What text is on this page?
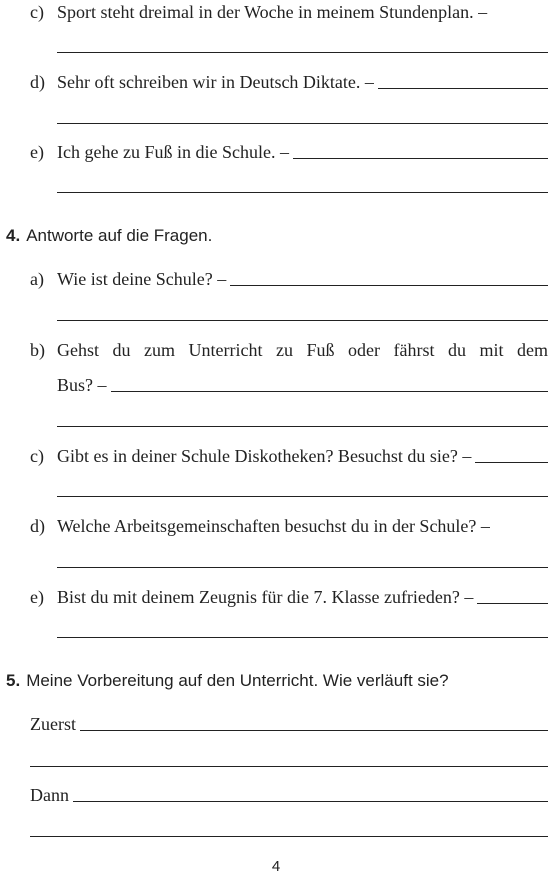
c) Sport steht dreimal in der Woche in meinem Stundenplan. –
d) Sehr oft schreiben wir in Deutsch Diktate. –
e) Ich gehe zu Fuß in die Schule. –
4. Antworte auf die Fragen.
a) Wie ist deine Schule? –
b) Gehst du zum Unterricht zu Fuß oder fährst du mit dem
Bus? –
c) Gibt es in deiner Schule Diskotheken? Besuchst du sie? –
d) Welche Arbeitsgemeinschaften besuchst du in der Schule? –
e) Bist du mit deinem Zeugnis für die 7. Klasse zufrieden? –
5. Meine Vorbereitung auf den Unterricht. Wie verläuft sie?
Zuerst
Dann
4
